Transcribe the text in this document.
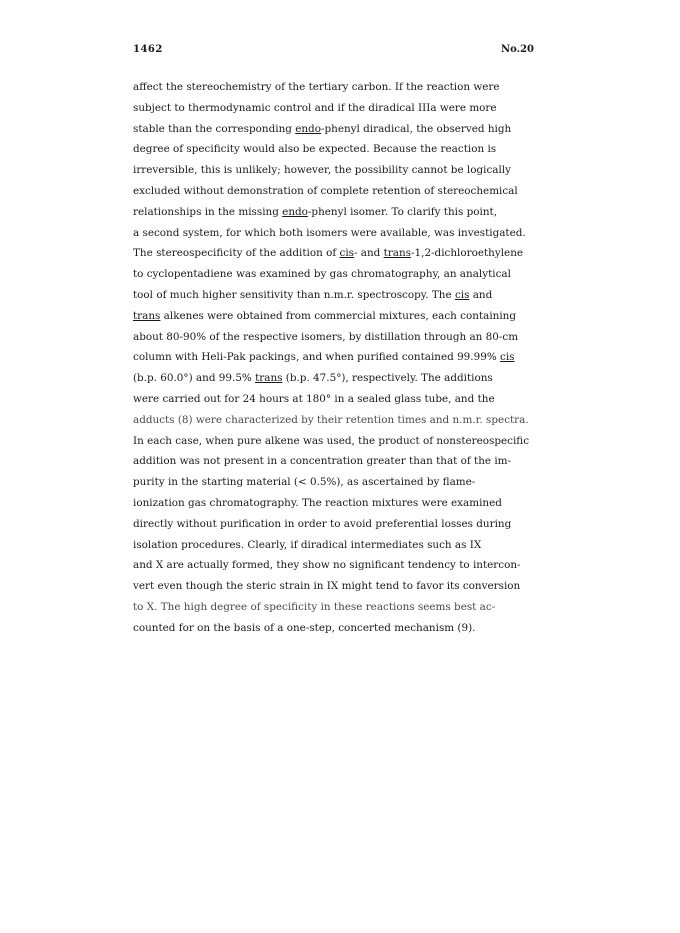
1462	No.20
affect the stereochemistry of the tertiary carbon. If the reaction were
subject to thermodynamic control and if the diradical IIIa were more
stable than the corresponding endo-phenyl diradical, the observed high
degree of specificity would also be expected. Because the reaction is
irreversible, this is unlikely; however, the possibility cannot be logically
excluded without demonstration of complete retention of stereochemical
relationships in the missing endo-phenyl isomer. To clarify this point,
a second system, for which both isomers were available, was investigated.
The stereospecificity of the addition of cis- and trans-1,2-dichloroethylene
to cyclopentadiene was examined by gas chromatography, an analytical
tool of much higher sensitivity than n.m.r. spectroscopy. The cis and
trans alkenes were obtained from commercial mixtures, each containing
about 80-90% of the respective isomers, by distillation through an 80-cm
column with Heli-Pak packings, and when purified contained 99.99% cis
(b.p. 60.0°) and 99.5% trans (b.p. 47.5°), respectively. The additions
were carried out for 24 hours at 180° in a sealed glass tube, and the
adducts (8) were characterized by their retention times and n.m.r. spectra.
In each case, when pure alkene was used, the product of nonstereospecific
addition was not present in a concentration greater than that of the im-
purity in the starting material (< 0.5%), as ascertained by flame-
ionization gas chromatography. The reaction mixtures were examined
directly without purification in order to avoid preferential losses during
isolation procedures. Clearly, if diradical intermediates such as IX
and X are actually formed, they show no significant tendency to intercon-
vert even though the steric strain in IX might tend to favor its conversion
to X. The high degree of specificity in these reactions seems best ac-
counted for on the basis of a one-step, concerted mechanism (9).
